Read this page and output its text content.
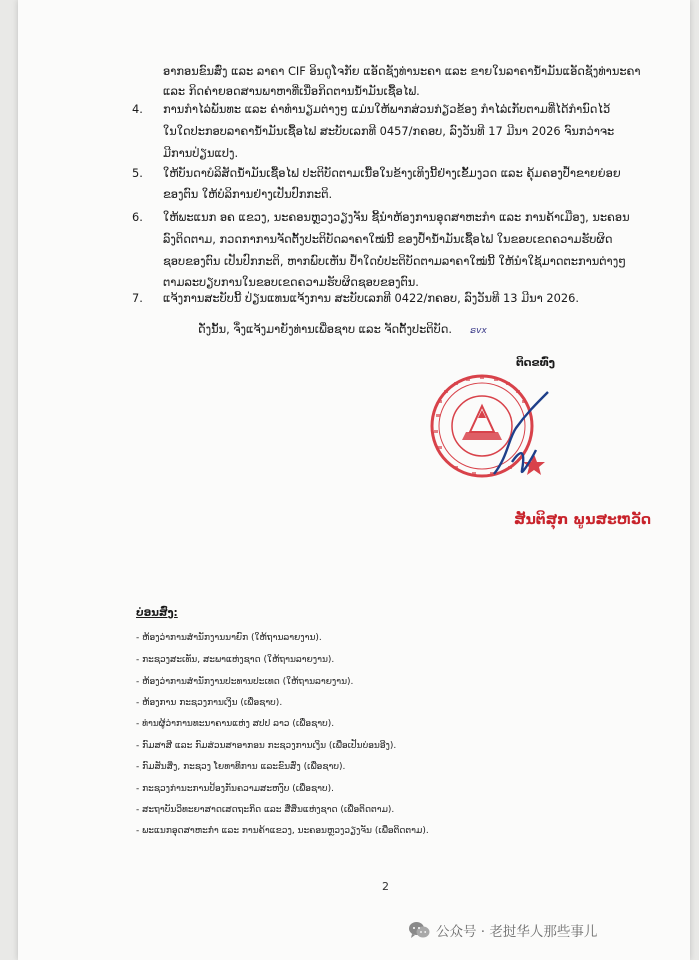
ອາກອນຂົນສົ່ງ ແລະ ລາຄາ CIF ອິນດູໂຈກັຍ ແອັດຊັງທ່ານະຄາ ແລະ ຂາຍໃນລາຄານ້ຳມັນແອັດຊັງທ່ານະຄາ
ແລະ ກິດຄ່າຍອດສານພາຫາທີ່ເນື່ອກິດຕານນ້ຳມັນເຊື້ອໄຟ.
4. ການກຳໄລ່ພັນທະ ແລະ ຄ່າທຳນຽມຕ່າງໆ ແມ່ນໃຫ້ພາກສ່ວນກ່ຽວຂ້ອງ ກຳໄລ່ເກັບຕາມທີ່ໄດ້ກຳນົດໄວ້
ໃນໃດປະກອບລາຄານ້ຳມັນເຊື້ອໄຟ ສະບັບເລກທີ 0457/ກຄອບ, ລົງວັນທີ 17 ມີນາ 2026 ຈົນກວ່າຈະ
ມີການປ່ຽນແປງ.
5. ໃຫ້ບັນດາບໍລິສັດນ້ຳມັນເຊື້ອໄຟ ປະຕິບັດຕາມເນື້ອໃນຂ້າງເທິງນີ້ຢ່າງເຂັ້ມງວດ ແລະ ຄຸ້ມຄອງປ້ຳຂາຍຍ່ອຍ
ຂອງຕົນ ໃຫ້ບໍລິການຢ່າງເປັນປົກກະຕິ.
6. ໃຫ້ພະແນກ ອຄ ແຂວງ, ນະຄອນຫຼວງວຽງຈັນ ຊີ້ນຳຫ້ອງການອຸດສາຫະກຳ ແລະ ການຄ້າເມືອງ, ນະຄອນ
ລົງຕິດຕາມ, ກວດກາການຈັດຕັ້ງປະຕິບັດລາຄາໃໝ່ນີ້ ຂອງປ້ຳນ້ຳມັນເຊື້ອໄຟ ໃນຂອບເຂດຄວາມຮັບຜິດ
ຊອບຂອງຕົນ ເປັນປົກກະຕິ, ຫາກພົບເຫັນ ປ້ຳໃດບໍ່ປະຕິບັດຕາມລາຄາໃໝ່ນີ້ ໃຫ້ນຳໃຊ້ມາດຕະການຕ່າງໆ
ຕາມລະບຽບການໃນຂອບເຂດຄວາມຮັບຜິດຊອບຂອງຕົນ.
7. ແຈ້ງການສະບັບນີ້ ປ່ຽນແທນແຈ້ງການ ສະບັບເລກທີ 0422/ກຄອບ, ລົງວັນທີ 13 ມີນາ 2026.
ດັ່ງນັ້ນ, ຈຶ່ງແຈ້ງມາຍັງທ່ານເພື່ອຊາບ ແລະ ຈັດຕັ້ງປະຕິບັດ. ຣvx
ຕິດຂທົ່ງ
ສັນຕິສຸກ ພູນສະຫວັດ
ບ່ອນສົ່ງ:
- ຫ້ອງວ່າການສຳນັກງານນາຍົກ (ໃຫ້ຖານລາຍງານ).
- ກະຊວງສະເທັນ, ສະພາແຫ່ງຊາດ (ໃຫ້ຖານລາຍງານ).
- ຫ້ອງວ່າການສຳນັກງານປະທານປະເທດ (ໃຫ້ຖານລາຍງານ).
- ຫ້ອງການ ກະຊວງການເງິນ (ເພື່ອຊາບ).
- ທ່ານຜູ້ວ່າການທະນາຄານແຫ່ງ ສປປ ລາວ (ເພື່ອຊາບ).
- ກົມສາສີ ແລະ ກົມສ່ວນສາອາກອນ ກະຊວງການເງິນ (ເພື່ອເປັນບ່ອນອີງ).
- ກົມສັນສິ່ງ, ກະຊວງ ໂຍທາທິການ ແລະຂົນສົ່ງ (ເພື່ອຊາບ).
- ກະຊວງກ່ານະການປ້ອງກັນຄວາມສະຫງົບ (ເພື່ອຊາບ).
- ສະຖາບັນວິທະຍາສາດເສດຖະກິດ ແລະ ສື່ສຶນແຫ່ງຊາດ (ເພື່ອຕິດຕາມ).
- ພະແນກອຸດສາຫະກຳ ແລະ ການຄ້າແຂວງ, ນະຄອນຫຼວງວຽງຈັນ (ເພື່ອຕິດຕາມ).
2
公众号 · 老挝华人那些事儿
